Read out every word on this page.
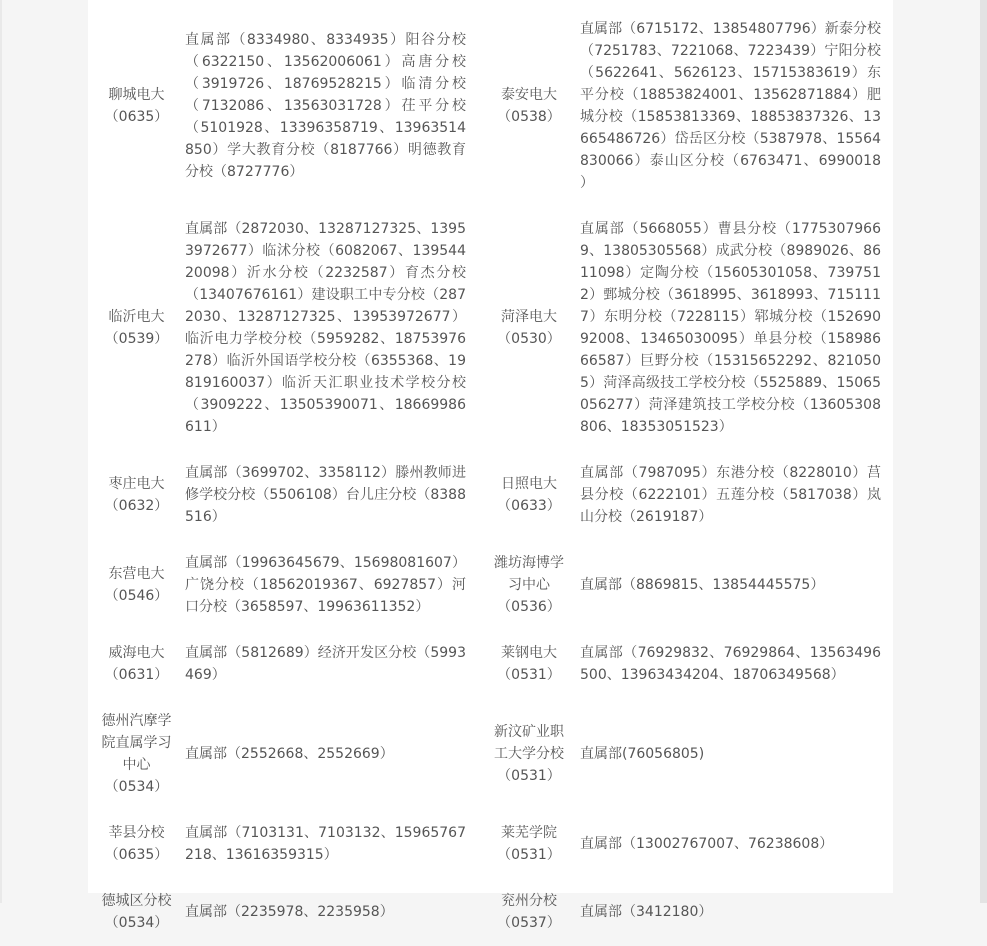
聊城电大
（0635）
	直属部（8334980、8334935）阳谷分校（6322150、13562006061）高唐分校（3919726、18769528215）临清分校（7132086、13563031728）茌平分校（5101928、13396358719、13963514850）学大教育分校（8187766）明德教育分校（8727776）	
泰安电大
（0538）
	直属部（6715172、13854807796）新泰分校（7251783、7221068、7223439）宁阳分校（5622641、5626123、15715383619）东平分校（18853824001、13562871884）肥城分校（15853813369、18853837326、13665486726）岱岳区分校（5387978、15564830066）泰山区分校（6763471、6990018　）

临沂电大
（0539）
	直属部（2872030、13287127325、13953972677）临沭分校（6082067、13954420098）沂水分校（2232587）育杰分校（13407676161）建设职工中专分校（2872030、13287127325、13953972677）临沂电力学校分校（5959282、18753976278）临沂外国语学校分校（6355368、19819160037）临沂天汇职业技术学校分校（3909222、13505390071、18669986611）	
菏泽电大
（0530）
	直属部（5668055）曹县分校（17753079669、13805305568）成武分校（8989026、8611098）定陶分校（15605301058、7397512）鄄城分校（3618995、3618993、7151117）东明分校（7228115）郓城分校（15269092008、13465030095）单县分校（15898666587）巨野分校（15315652292、8210505）菏泽高级技工学校分校（5525889、15065056277）菏泽建筑技工学校分校（13605308806、18353051523）

枣庄电大
（0632）
	直属部（3699702、3358112）滕州教师进修学校分校（5506108）台儿庄分校（8388516）	
日照电大
（0633）
	直属部（7987095）东港分校（8228010）莒县分校（6222101）五莲分校（5817038）岚山分校（2619187）

东营电大
（0546）
	直属部（19963645679、15698081607）广饶分校（18562019367、6927857）河口分校（3658597、19963611352）	
潍坊海博学习中心
（0536）
	直属部（8869815、13854445575）

威海电大
（0631）
	直属部（5812689）经济开发区分校（5993469）	
莱钢电大
（0531）
	直属部（76929832、76929864、13563496500、13963434204、18706349568）

德州汽摩学院直属学习中心
（0534）
	直属部（2552668、2552669）	
新汶矿业职工大学分校
（0531）
	直属部(76056805)

莘县分校
（0635）
	直属部（7103131、7103132、15965767218、13616359315）	
莱芜学院
（0531）
	直属部（13002767007、76238608）

德城区分校
（0534）
	直属部（2235978、2235958）	
兖州分校
（0537）
	直属部（3412180）
